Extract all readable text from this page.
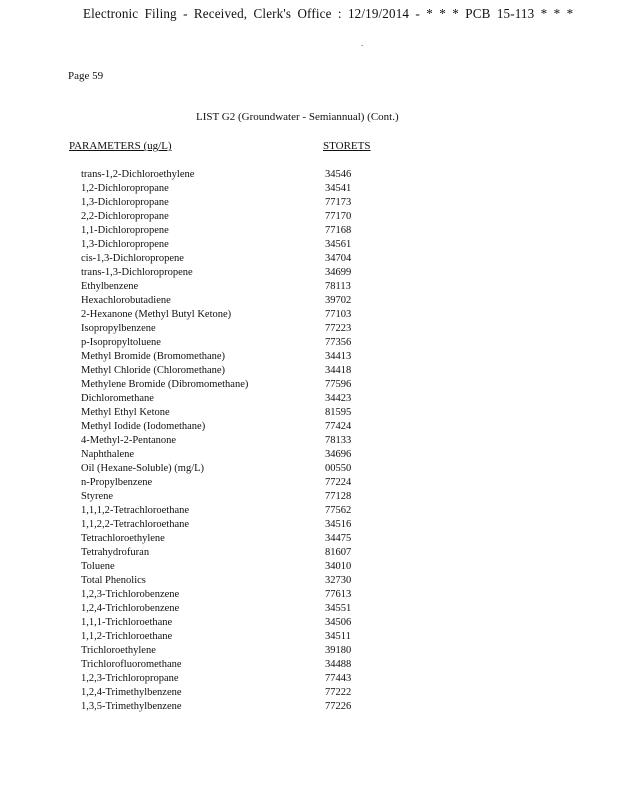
Electronic Filing - Received, Clerk's Office : 12/19/2014 - * * * PCB 15-113 * * *
.
Page 59
LIST G2 (Groundwater - Semiannual) (Cont.)
PARAMETERS (ug/L)	STORETS
trans-1,2-Dichloroethylene	34546
1,2-Dichloropropane	34541
1,3-Dichloropropane	77173
2,2-Dichloropropane	77170
1,1-Dichloropropene	77168
1,3-Dichloropropene	34561
cis-1,3-Dichloropropene	34704
trans-1,3-Dichloropropene	34699
Ethylbenzene	78113
Hexachlorobutadiene	39702
2-Hexanone (Methyl Butyl Ketone)	77103
Isopropylbenzene	77223
p-Isopropyltoluene	77356
Methyl Bromide (Bromomethane)	34413
Methyl Chloride (Chloromethane)	34418
Methylene Bromide (Dibromomethane)	77596
Dichloromethane	34423
Methyl Ethyl Ketone	81595
Methyl Iodide (Iodomethane)	77424
4-Methyl-2-Pentanone	78133
Naphthalene	34696
Oil (Hexane-Soluble) (mg/L)	00550
n-Propylbenzene	77224
Styrene	77128
1,1,1,2-Tetrachloroethane	77562
1,1,2,2-Tetrachloroethane	34516
Tetrachloroethylene	34475
Tetrahydrofuran	81607
Toluene	34010
Total Phenolics	32730
1,2,3-Trichlorobenzene	77613
1,2,4-Trichlorobenzene	34551
1,1,1-Trichloroethane	34506
1,1,2-Trichloroethane	34511
Trichloroethylene	39180
Trichlorofluoromethane	34488
1,2,3-Trichloropropane	77443
1,2,4-Trimethylbenzene	77222
1,3,5-Trimethylbenzene	77226
